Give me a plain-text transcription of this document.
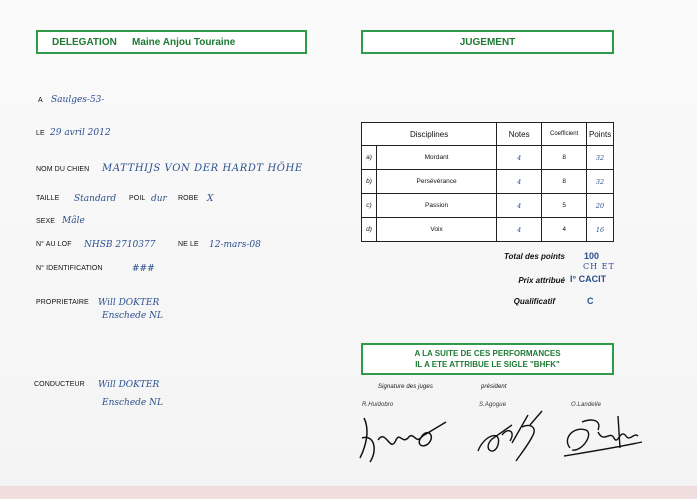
DELEGATION Maine Anjou Touraine	JUGEMENT
A Saulges-53-
LE 29 avril 2012
NOM DU CHIEN MATTHIJS VON DER HARDT HÖHE
TAILLE Standard POIL dur ROBE X
SEXE Mâle
N° AU LOF NHSB 2710377	NE LE 12-mars-08
N° IDENTIFICATION	###
PROPRIETAIRE Will DOKTER
Enschede NL
CONDUCTEUR Will DOKTER
Enschede NL
Disciplines		Notes	Coefficient	Points
a)	Mordant	4	8	32
b)	Persévérance	4	8	32
c)	Passion	4	5	20
d)	Voix	4	4	16
Total des points 100
CH ET
Prix attribué I° CACIT
Qualificatif	C
A LA SUITE DE CES PERFORMANCES
IL A ETE ATTRIBUE LE SIGLE "BHFK"
Signature des juges	président
R.Huidobro	S.Agogue	O.Landelle
